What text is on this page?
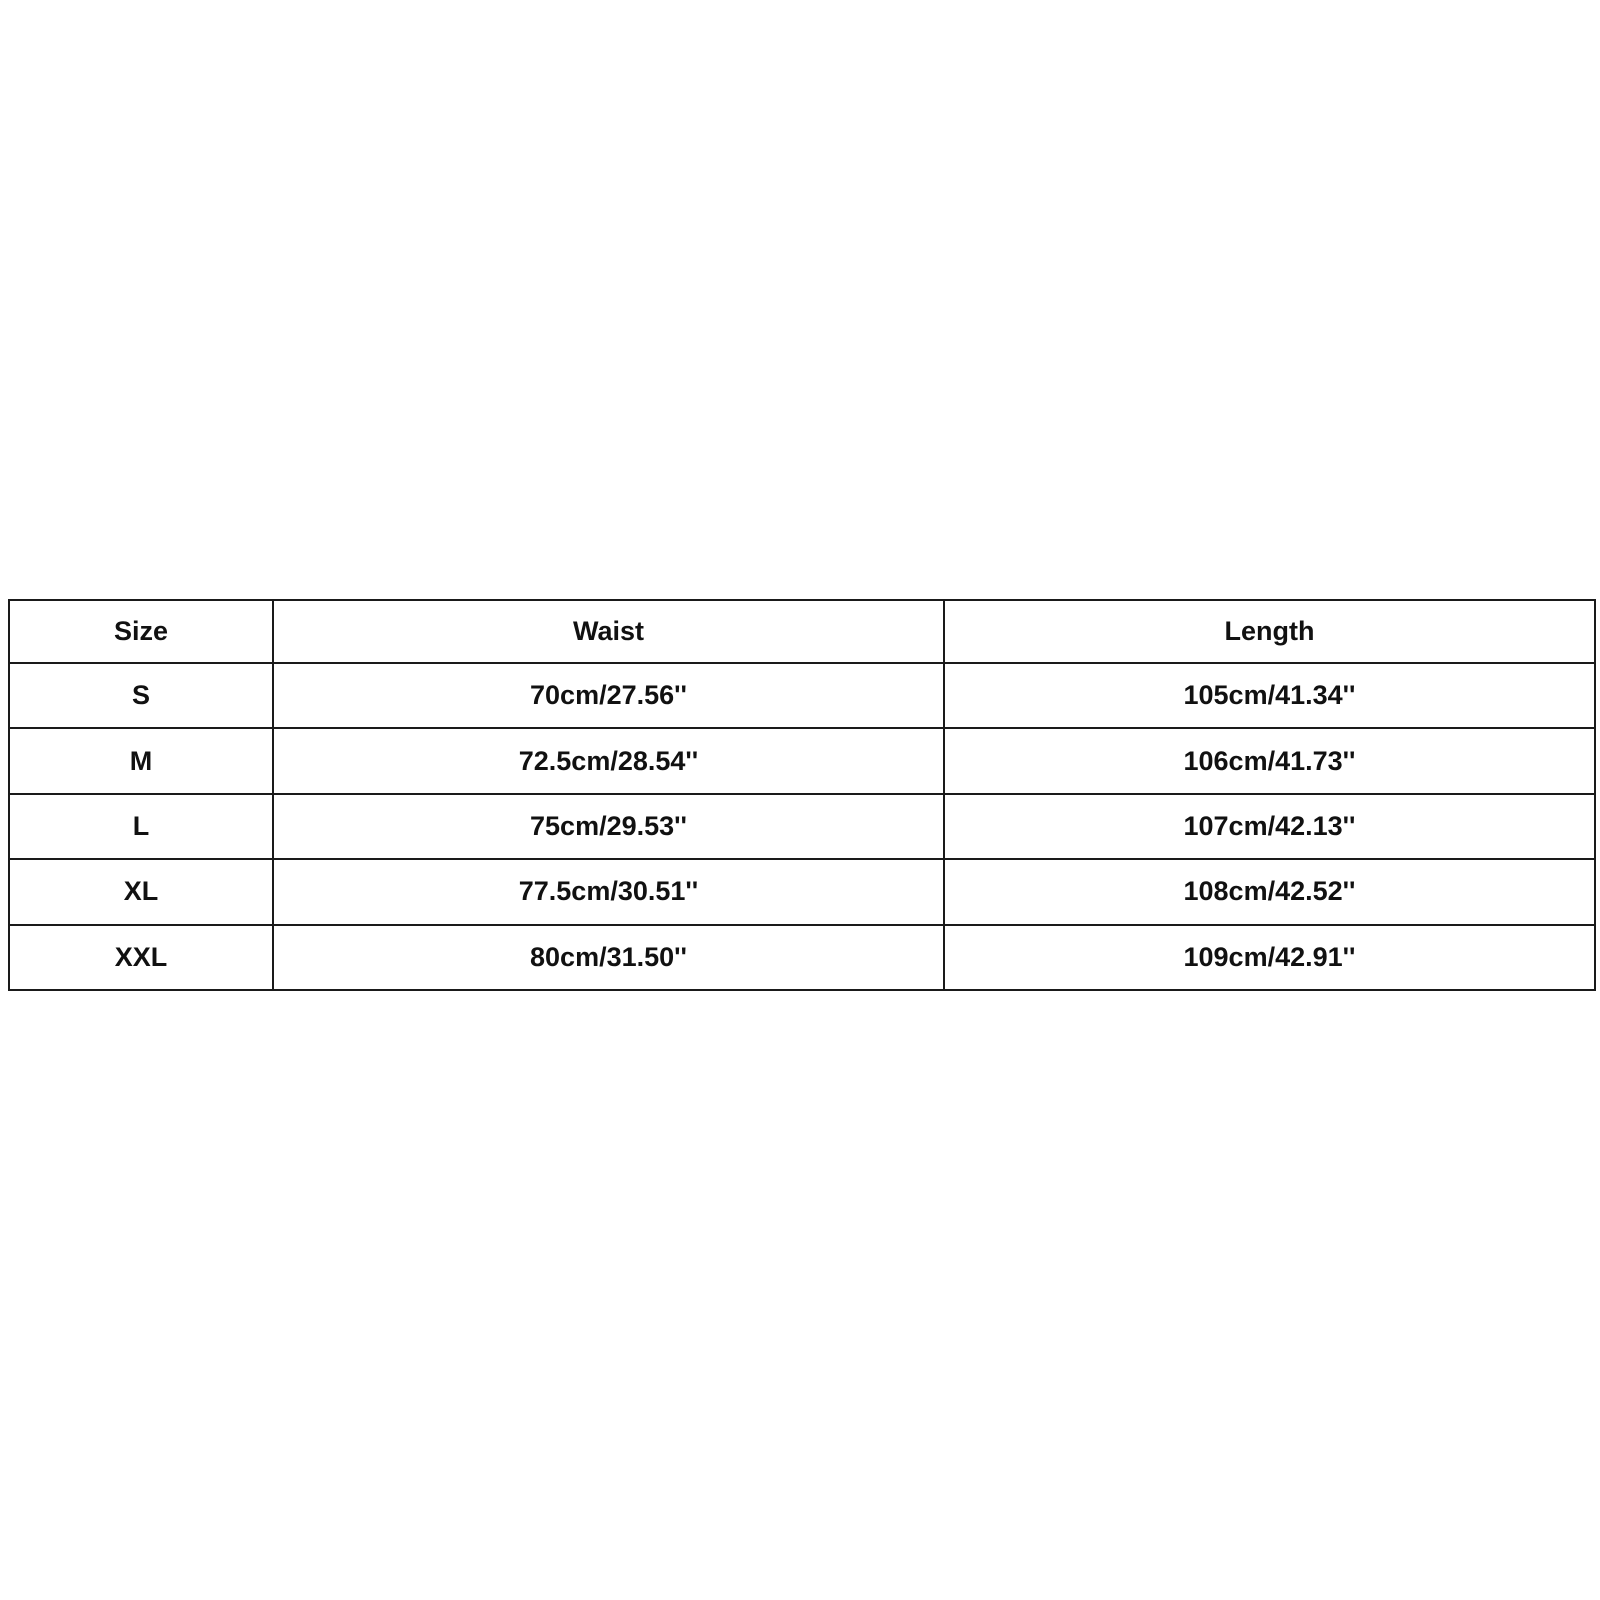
Size	Waist	Length
S	70cm/27.56''	105cm/41.34''
M	72.5cm/28.54''	106cm/41.73''
L	75cm/29.53''	107cm/42.13''
XL	77.5cm/30.51''	108cm/42.52''
XXL	80cm/31.50''	109cm/42.91''
